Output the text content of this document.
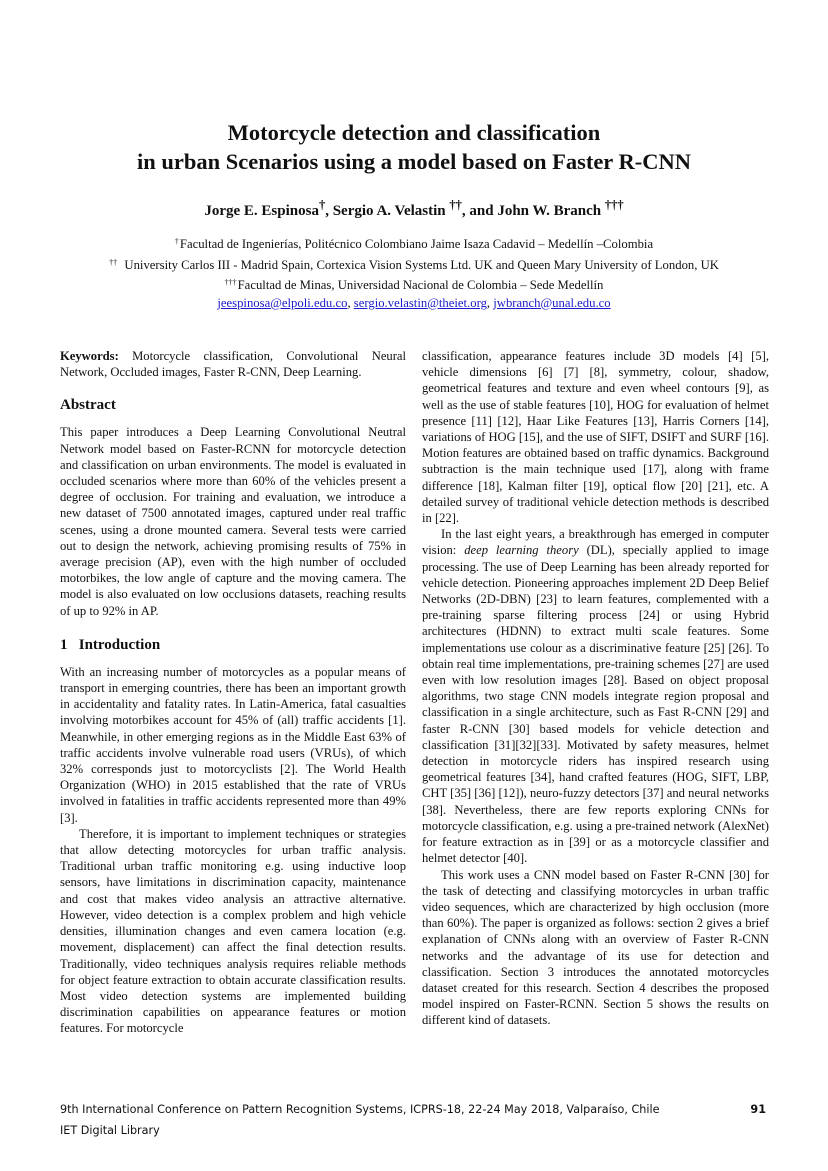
Motorcycle detection and classification
in urban Scenarios using a model based on Faster R-CNN
Jorge E. Espinosa†, Sergio A. Velastin ††, and John W. Branch †††
†Facultad de Ingenierías, Politécnico Colombiano Jaime Isaza Cadavid – Medellín –Colombia
†† University Carlos III - Madrid Spain, Cortexica Vision Systems Ltd. UK and Queen Mary University of London, UK
†††Facultad de Minas, Universidad Nacional de Colombia – Sede Medellín
jeespinosa@elpoli.edu.co, sergio.velastin@theiet.org, jwbranch@unal.edu.co

Keywords: Motorcycle classification, Convolutional Neural Network, Occluded images, Faster R-CNN, Deep Learning.

Abstract

This paper introduces a Deep Learning Convolutional Neutral Network model based on Faster-RCNN for motorcycle detection and classification on urban environments. The model is evaluated in occluded scenarios where more than 60% of the vehicles present a degree of occlusion. For training and evaluation, we introduce a new dataset of 7500 annotated images, captured under real traffic scenes, using a drone mounted camera. Several tests were carried out to design the network, achieving promising results of 75% in average precision (AP), even with the high number of occluded motorbikes, the low angle of capture and the moving camera. The model is also evaluated on low occlusions datasets, reaching results of up to 92% in AP.

1   Introduction

With an increasing number of motorcycles as a popular means of transport in emerging countries, there has been an important growth in accidentality and fatality rates. In Latin-America, fatal casualties involving motorbikes account for 45% of (all) traffic accidents [1]. Meanwhile, in other emerging regions as in the Middle East 63% of traffic accidents involve vulnerable road users (VRUs), of which 32% corresponds just to motorcyclists [2]. The World Health Organization (WHO) in 2015 established that the rate of VRUs involved in fatalities in traffic accidents represented more than 49% [3].

Therefore, it is important to implement techniques or strategies that allow detecting motorcycles for urban traffic analysis. Traditional urban traffic monitoring e.g. using inductive loop sensors, have limitations in discrimination capacity, maintenance and cost that makes video analysis an attractive alternative. However, video detection is a complex problem and high vehicle densities, illumination changes and even camera location (e.g. movement, displacement) can affect the final detection results. Traditionally, video techniques analysis requires reliable methods for object feature extraction to obtain accurate classification results. Most video detection systems are implemented building discrimination capabilities on appearance features or motion features. For motorcycle

classification, appearance features include 3D models [4] [5], vehicle dimensions [6] [7] [8], symmetry, colour, shadow, geometrical features and texture and even wheel contours [9], as well as the use of stable features [10], HOG for evaluation of helmet presence [11] [12], Haar Like Features [13], Harris Corners [14], variations of HOG [15], and the use of SIFT, DSIFT and SURF [16]. Motion features are obtained based on traffic dynamics. Background subtraction is the main technique used [17], along with frame difference [18], Kalman filter [19], optical flow [20] [21], etc. A detailed survey of traditional vehicle detection methods is described in [22].

In the last eight years, a breakthrough has emerged in computer vision: deep learning theory (DL), specially applied to image processing. The use of Deep Learning has been already reported for vehicle detection. Pioneering approaches implement 2D Deep Belief Networks (2D-DBN) [23] to learn features, complemented with a pre-training sparse filtering process [24] or using Hybrid architectures (HDNN) to extract multi scale features. Some implementations use colour as a discriminative feature [25] [26]. To obtain real time implementations, pre-training schemes [27] are used even with low resolution images [28]. Based on object proposal algorithms, two stage CNN models integrate region proposal and classification in a single architecture, such as Fast R-CNN [29] and faster R-CNN [30] based models for vehicle detection and classification [31][32][33]. Motivated by safety measures, helmet detection in motorcycle riders has inspired research using geometrical features [34], hand crafted features (HOG, SIFT, LBP, CHT [35] [36] [12]), neuro-fuzzy detectors [37] and neural networks [38]. Nevertheless, there are few reports exploring CNNs for motorcycle classification, e.g. using a pre-trained network (AlexNet) for feature extraction as in [39] or as a motorcycle classifier and helmet detector [40].

This work uses a CNN model based on Faster R-CNN [30] for the task of detecting and classifying motorcycles in urban traffic video sequences, which are characterized by high occlusion (more than 60%). The paper is organized as follows: section 2 gives a brief explanation of CNNs along with an overview of Faster R-CNN networks and the advantage of its use for detection and classification. Section 3 introduces the annotated motorcycles dataset created for this research. Section 4 describes the proposed model inspired on Faster-RCNN. Section 5 shows the results on different kind of datasets.

9th International Conference on Pattern Recognition Systems, ICPRS-18, 22-24 May 2018, Valparaíso, Chile	91
IET Digital Library
